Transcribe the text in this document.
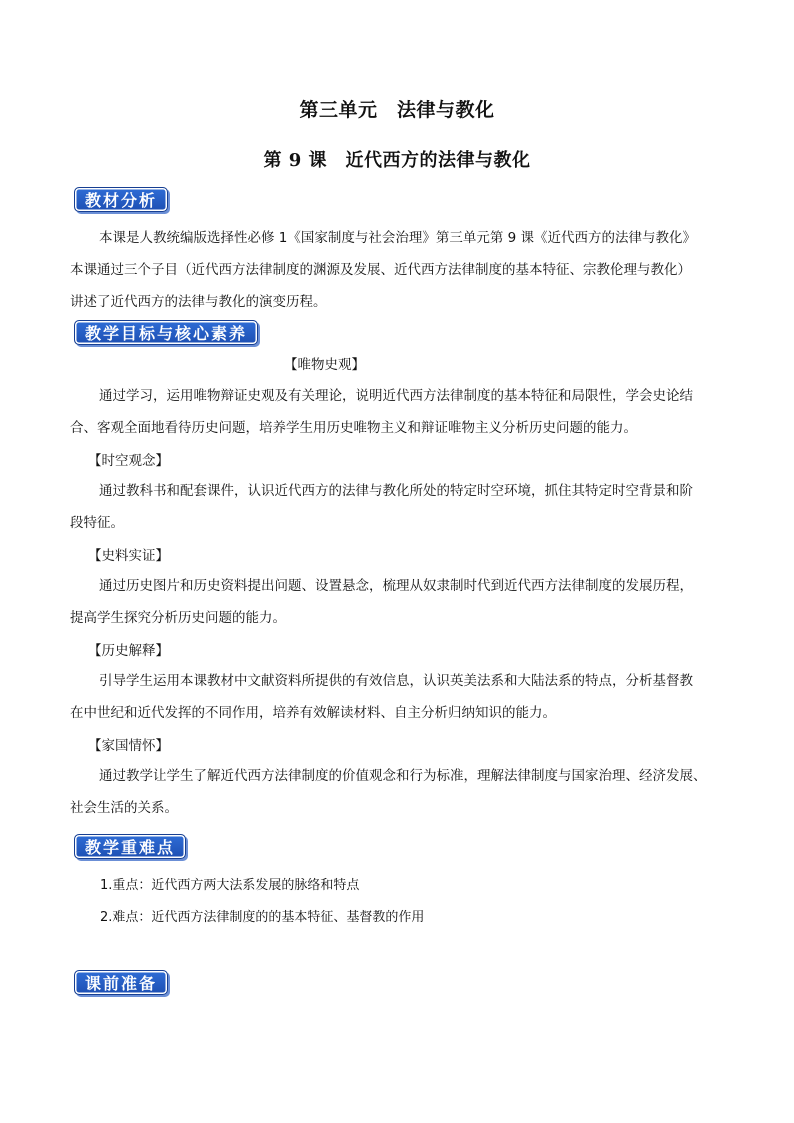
第三单元　法律与教化
第 9 课　近代西方的法律与教化
教材分析
本课是人教统编版选择性必修 1《国家制度与社会治理》第三单元第 9 课《近代西方的法律与教化》
本课通过三个子目（近代西方法律制度的渊源及发展、近代西方法律制度的基本特征、宗教伦理与教化）
讲述了近代西方的法律与教化的演变历程。
教学目标与核心素养
【唯物史观】
通过学习，运用唯物辩证史观及有关理论，说明近代西方法律制度的基本特征和局限性，学会史论结
合、客观全面地看待历史问题，培养学生用历史唯物主义和辩证唯物主义分析历史问题的能力。
【时空观念】
通过教科书和配套课件，认识近代西方的法律与教化所处的特定时空环境，抓住其特定时空背景和阶
段特征。
【史料实证】
通过历史图片和历史资料提出问题、设置悬念，梳理从奴隶制时代到近代西方法律制度的发展历程，
提高学生探究分析历史问题的能力。
【历史解释】
引导学生运用本课教材中文献资料所提供的有效信息，认识英美法系和大陆法系的特点，分析基督教
在中世纪和近代发挥的不同作用，培养有效解读材料、自主分析归纳知识的能力。
【家国情怀】
通过教学让学生了解近代西方法律制度的价值观念和行为标准，理解法律制度与国家治理、经济发展、
社会生活的关系。
教学重难点
1.重点：近代西方两大法系发展的脉络和特点
2.难点：近代西方法律制度的的基本特征、基督教的作用
课前准备
